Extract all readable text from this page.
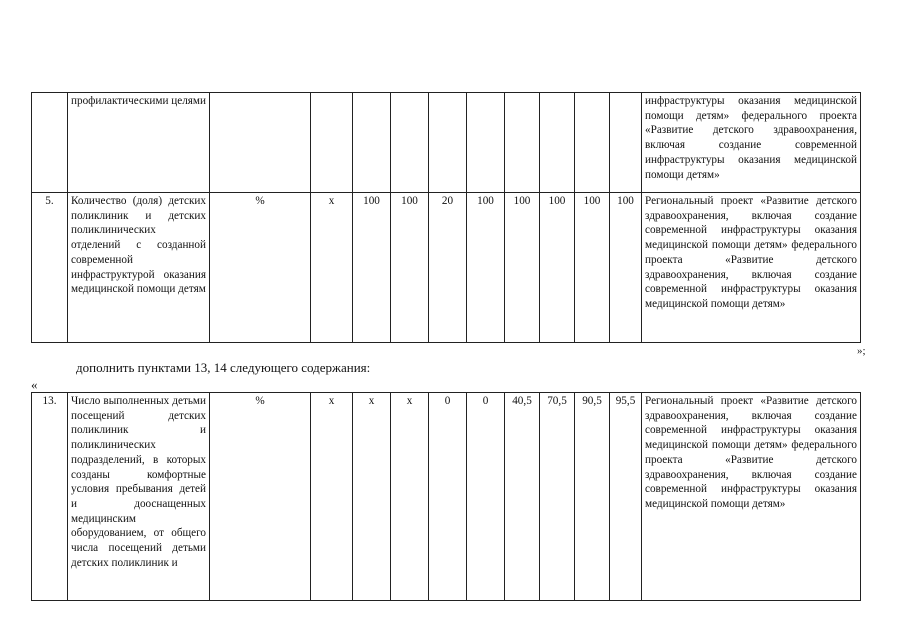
	профилактическими целями											инфраструктуры оказания медицинской помощи детям» федерального проекта «Развитие детского здравоохранения, включая создание современной инфраструктуры оказания медицинской помощи детям»
5.	Количество (доля) детских поликлиник и детских поликлинических отделений с созданной современной инфраструктурой оказания медицинской помощи детям	%	х	100	100	20	100	100	100	100	100	Региональный проект «Развитие детского здравоохранения, включая создание современной инфраструктуры оказания медицинской помощи детям» федерального проекта «Развитие детского здравоохранения, включая создание современной инфраструктуры оказания медицинской помощи детям»
»;
дополнить пунктами 13, 14 следующего содержания:
«
13.	Число выполненных детьми посещений детских поликлиник и поликлинических подразделений, в которых созданы комфортные условия пребывания детей и дооснащенных медицинским оборудованием, от общего числа посещений детьми детских поликлиник и	%	х	х	х	0	0	40,5	70,5	90,5	95,5	Региональный проект «Развитие детского здравоохранения, включая создание современной инфраструктуры оказания медицинской помощи детям» федерального проекта «Развитие детского здравоохранения, включая создание современной инфраструктуры оказания медицинской помощи детям»
